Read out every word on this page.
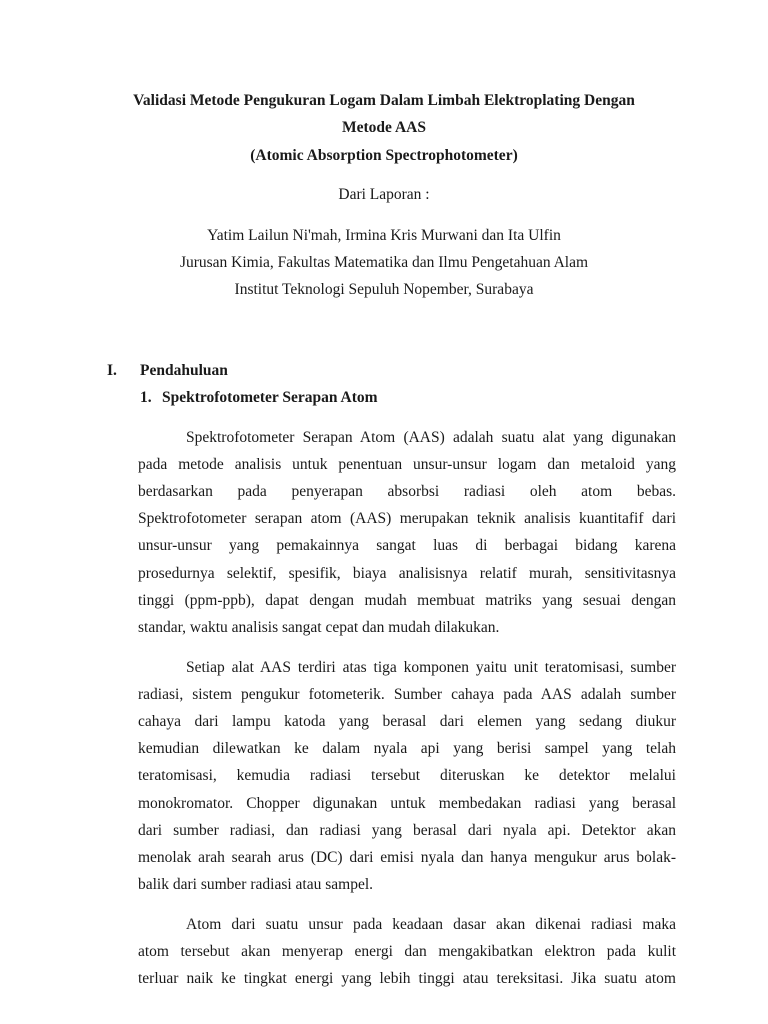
Validasi Metode Pengukuran Logam Dalam Limbah Elektroplating Dengan
Metode AAS
(Atomic Absorption Spectrophotometer)
Dari Laporan :
Yatim Lailun Ni'mah, Irmina Kris Murwani dan Ita Ulfin
Jurusan Kimia, Fakultas Matematika dan Ilmu Pengetahuan Alam
Institut Teknologi Sepuluh Nopember, Surabaya
I. Pendahuluan
1. Spektrofotometer Serapan Atom
Spektrofotometer Serapan Atom (AAS) adalah suatu alat yang digunakan
pada metode analisis untuk penentuan unsur-unsur logam dan metaloid yang
berdasarkan pada penyerapan absorbsi radiasi oleh atom bebas.
Spektrofotometer serapan atom (AAS) merupakan teknik analisis kuantitafif dari
unsur-unsur yang pemakainnya sangat luas di berbagai bidang karena
prosedurnya selektif, spesifik, biaya analisisnya relatif murah, sensitivitasnya
tinggi (ppm-ppb), dapat dengan mudah membuat matriks yang sesuai dengan
standar, waktu analisis sangat cepat dan mudah dilakukan.
Setiap alat AAS terdiri atas tiga komponen yaitu unit teratomisasi, sumber
radiasi, sistem pengukur fotometerik. Sumber cahaya pada AAS adalah sumber
cahaya dari lampu katoda yang berasal dari elemen yang sedang diukur
kemudian dilewatkan ke dalam nyala api yang berisi sampel yang telah
teratomisasi, kemudia radiasi tersebut diteruskan ke detektor melalui
monokromator. Chopper digunakan untuk membedakan radiasi yang berasal
dari sumber radiasi, dan radiasi yang berasal dari nyala api. Detektor akan
menolak arah searah arus (DC) dari emisi nyala dan hanya mengukur arus bolak-
balik dari sumber radiasi atau sampel.
Atom dari suatu unsur pada keadaan dasar akan dikenai radiasi maka
atom tersebut akan menyerap energi dan mengakibatkan elektron pada kulit
terluar naik ke tingkat energi yang lebih tinggi atau tereksitasi. Jika suatu atom
